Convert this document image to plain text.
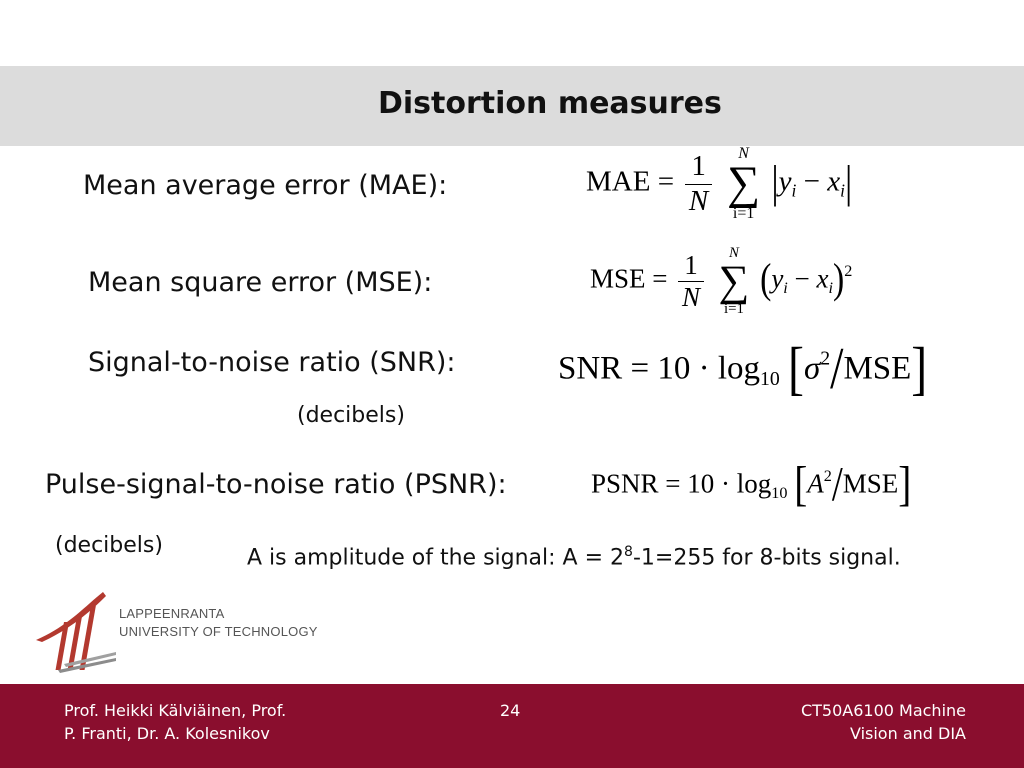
Distortion measures

Mean average error (MAE):	MAE = $\frac{1}{N}$
	N
∑
i=1
$|y_i - x_i|$

Mean square error (MSE):	MSE = $\frac{1}{N}$
	N
∑
i=1
$(y_i - x_i)^2$

Signal-to-noise ratio (SNR):

(decibels)

SNR = $10 \cdot \log_{10} [\sigma^2/MSE]$

Pulse-signal-to-noise ratio (PSNR):

(decibels)

PSNR = $10 \cdot \log_{10} [A^2/MSE]$

A is amplitude of the signal: $A = 2^8-1=255$ for 8-bits signal.

LAPPEENRANTA
UNIVERSITY OF TECHNOLOGY
Prof. Heikki Kälviäinen, Prof.
P. Franti, Dr. A. Kolesnikov
24	CT50A6100 Machine
Vision and DIA
